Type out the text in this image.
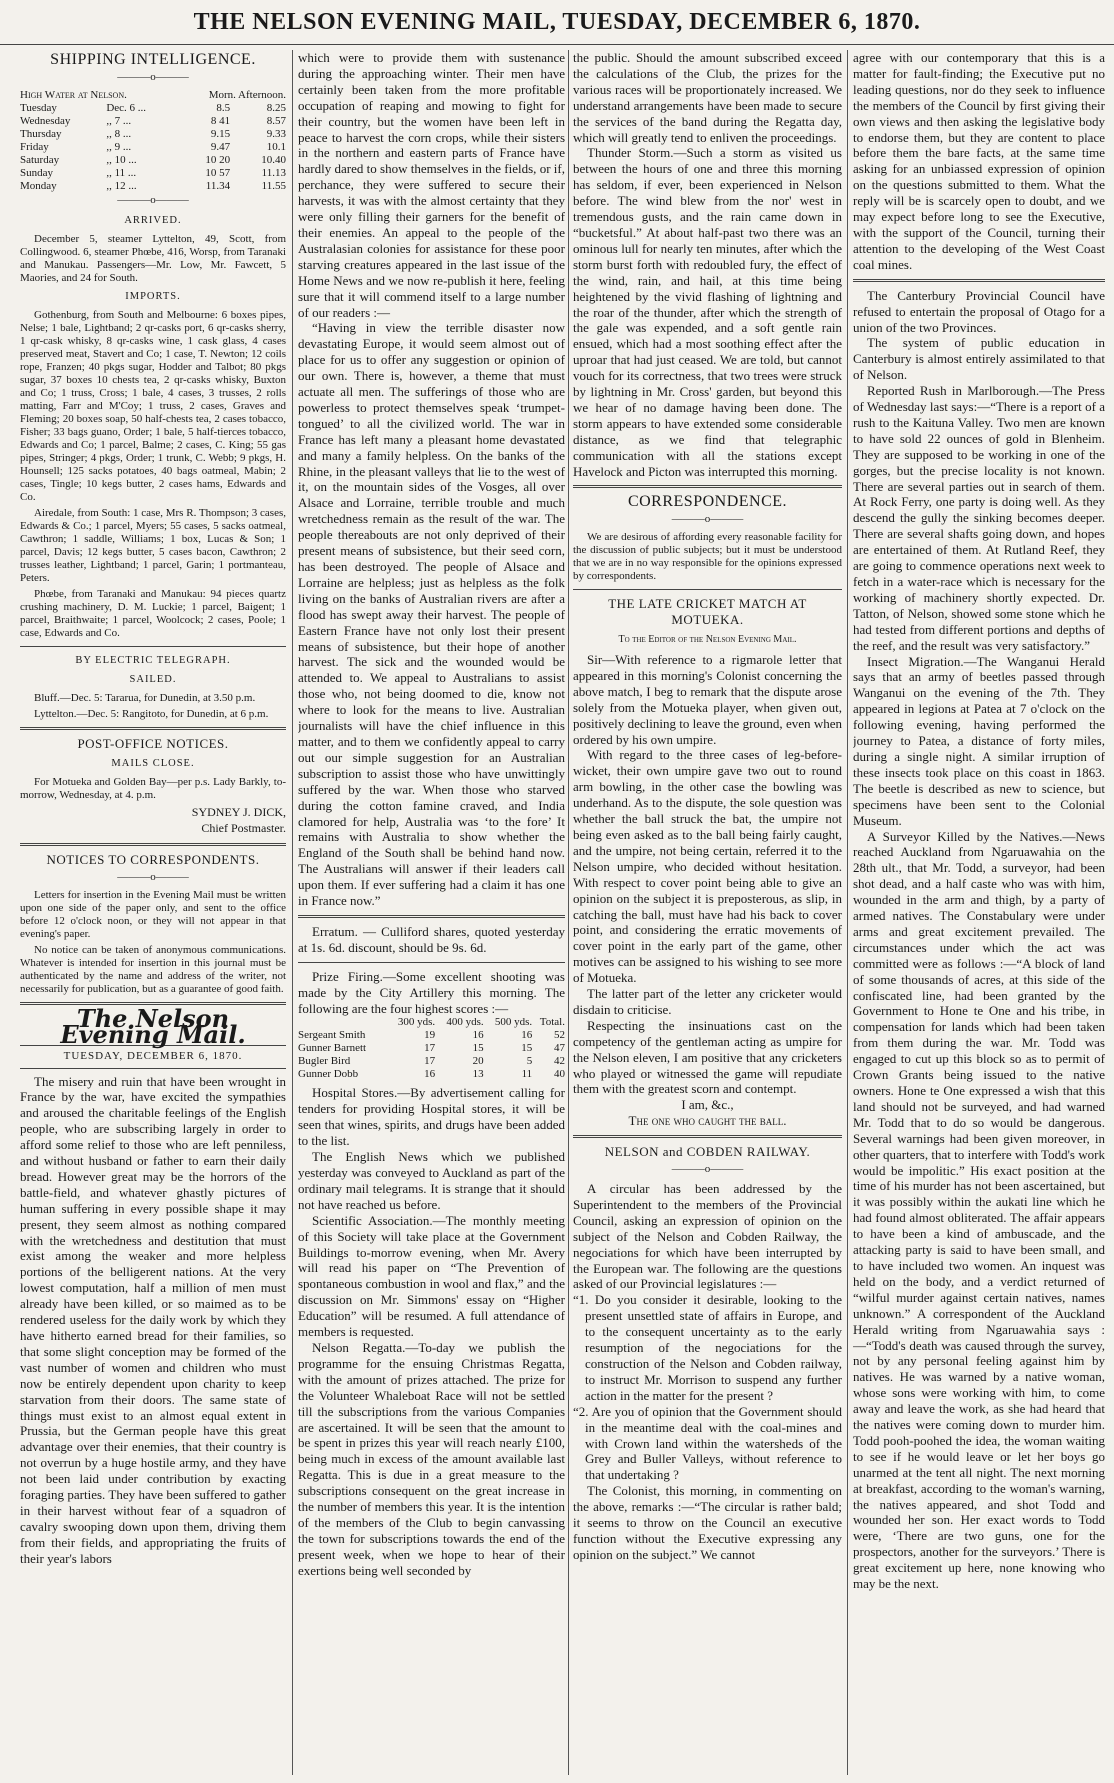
THE NELSON EVENING MAIL, TUESDAY, DECEMBER 6, 1870.
SHIPPING INTELLIGENCE.
———o———
High Water at Nelson.		Morn. Afternoon.	
Tuesday	Dec. 6 ...		8.5	8.25
Wednesday	,, 7 ...		8 41	8.57
Thursday	,, 8 ...		9.15	9.33
Friday	,, 9 ...		9.47	10.1
Saturday	,, 10 ...		10 20	10.40
Sunday	,, 11 ...		10 57	11.13
Monday	,, 12 ...		11.34	11.55
———o———
ARRIVED.

December 5, steamer Lyttelton, 49, Scott, from Collingwood. 6, steamer Phœbe, 416, Worsp, from Taranaki and Manukau. Passengers—Mr. Low, Mr. Fawcett, 5 Maories, and 24 for South.

IMPORTS.

Gothenburg, from South and Melbourne: 6 boxes pipes, Nelse; 1 bale, Lightband; 2 qr-casks port, 6 qr-casks sherry, 1 qr-cask whisky, 8 qr-casks wine, 1 cask glass, 4 cases preserved meat, Stavert and Co; 1 case, T. Newton; 12 coils rope, Franzen; 40 pkgs sugar, Hodder and Talbot; 80 pkgs sugar, 37 boxes 10 chests tea, 2 qr-casks whisky, Buxton and Co; 1 truss, Cross; 1 bale, 4 cases, 3 trusses, 2 rolls matting, Farr and M'Coy; 1 truss, 2 cases, Graves and Fleming; 20 boxes soap, 50 half-chests tea, 2 cases tobacco, Fisher; 33 bags guano, Order; 1 bale, 5 half-tierces tobacco, Edwards and Co; 1 parcel, Balme; 2 cases, C. King; 55 gas pipes, Stringer; 4 pkgs, Order; 1 trunk, C. Webb; 9 pkgs, H. Hounsell; 125 sacks potatoes, 40 bags oatmeal, Mabin; 2 cases, Tingle; 10 kegs butter, 2 cases hams, Edwards and Co.

Airedale, from South: 1 case, Mrs R. Thompson; 3 cases, Edwards & Co.; 1 parcel, Myers; 55 cases, 5 sacks oatmeal, Cawthron; 1 saddle, Williams; 1 box, Lucas & Son; 1 parcel, Davis; 12 kegs butter, 5 cases bacon, Cawthron; 2 trusses leather, Lightband; 1 parcel, Garin; 1 portmanteau, Peters.

Phœbe, from Taranaki and Manukau: 94 pieces quartz crushing machinery, D. M. Luckie; 1 parcel, Baigent; 1 parcel, Braithwaite; 1 parcel, Woolcock; 2 cases, Poole; 1 case, Edwards and Co.

BY ELECTRIC TELEGRAPH.
SAILED.

Bluff.—Dec. 5: Tararua, for Dunedin, at 3.50 p.m.

Lyttelton.—Dec. 5: Rangitoto, for Dunedin, at 6 p.m.

POST-OFFICE NOTICES.
MAILS CLOSE.

For Motueka and Golden Bay—per p.s. Lady Barkly, to-morrow, Wednesday, at 4. p.m.

SYDNEY J. DICK,
Chief Postmaster.
NOTICES TO CORRESPONDENTS.
———o———

Letters for insertion in the Evening Mail must be written upon one side of the paper only, and sent to the office before 12 o'clock noon, or they will not appear in that evening's paper.

No notice can be taken of anonymous communications. Whatever is intended for insertion in this journal must be authenticated by the name and address of the writer, not necessarily for publication, but as a guarantee of good faith.

The Nelson Evening Mail.
TUESDAY, DECEMBER 6, 1870.

The misery and ruin that have been wrought in France by the war, have excited the sympathies and aroused the charitable feelings of the English people, who are subscribing largely in order to afford some relief to those who are left penniless, and without husband or father to earn their daily bread. However great may be the horrors of the battle-field, and whatever ghastly pictures of human suffering in every possible shape it may present, they seem almost as nothing compared with the wretchedness and destitution that must exist among the weaker and more helpless portions of the belligerent nations. At the very lowest computation, half a million of men must already have been killed, or so maimed as to be rendered useless for the daily work by which they have hitherto earned bread for their families, so that some slight conception may be formed of the vast number of women and children who must now be entirely dependent upon charity to keep starvation from their doors. The same state of things must exist to an almost equal extent in Prussia, but the German people have this great advantage over their enemies, that their country is not overrun by a huge hostile army, and they have not been laid under contribution by exacting foraging parties. They have been suffered to gather in their harvest without fear of a squadron of cavalry swooping down upon them, driving them from their fields, and appropriating the fruits of their year's labors

which were to provide them with sustenance during the approaching winter. Their men have certainly been taken from the more profitable occupation of reaping and mowing to fight for their country, but the women have been left in peace to harvest the corn crops, while their sisters in the northern and eastern parts of France have hardly dared to show themselves in the fields, or if, perchance, they were suffered to secure their harvests, it was with the almost certainty that they were only filling their garners for the benefit of their enemies. An appeal to the people of the Australasian colonies for assistance for these poor starving creatures appeared in the last issue of the Home News and we now re-publish it here, feeling sure that it will commend itself to a large number of our readers :—

“Having in view the terrible disaster now devastating Europe, it would seem almost out of place for us to offer any suggestion or opinion of our own. There is, however, a theme that must actuate all men. The sufferings of those who are powerless to protect themselves speak ‘trumpet-tongued’ to all the civilized world. The war in France has left many a pleasant home devastated and many a family helpless. On the banks of the Rhine, in the pleasant valleys that lie to the west of it, on the mountain sides of the Vosges, all over Alsace and Lorraine, terrible trouble and much wretchedness remain as the result of the war. The people thereabouts are not only deprived of their present means of subsistence, but their seed corn, has been destroyed. The people of Alsace and Lorraine are helpless; just as helpless as the folk living on the banks of Australian rivers are after a flood has swept away their harvest. The people of Eastern France have not only lost their present means of subsistence, but their hope of another harvest. The sick and the wounded would be attended to. We appeal to Australians to assist those who, not being doomed to die, know not where to look for the means to live. Australian journalists will have the chief influence in this matter, and to them we confidently appeal to carry out our simple suggestion for an Australian subscription to assist those who have unwittingly suffered by the war. When those who starved during the cotton famine craved, and India clamored for help, Australia was ‘to the fore’ It remains with Australia to show whether the England of the South shall be behind hand now. The Australians will answer if their leaders call upon them. If ever suffering had a claim it has one in France now.”

Erratum. — Culliford shares, quoted yesterday at 1s. 6d. discount, should be 9s. 6d.

Prize Firing.—Some excellent shooting was made by the City Artillery this morning. The following are the four highest scores :—

	300 yds.	400 yds.	500 yds.	Total.
Sergeant Smith	19	16	16	52
Gunner Barnett	17	15	15	47
Bugler Bird	17	20	5	42
Gunner Dobb	16	13	11	40

Hospital Stores.—By advertisement calling for tenders for providing Hospital stores, it will be seen that wines, spirits, and drugs have been added to the list.

The English News which we published yesterday was conveyed to Auckland as part of the ordinary mail telegrams. It is strange that it should not have reached us before.

Scientific Association.—The monthly meeting of this Society will take place at the Government Buildings to-morrow evening, when Mr. Avery will read his paper on “The Prevention of spontaneous combustion in wool and flax,” and the discussion on Mr. Simmons' essay on “Higher Education” will be resumed. A full attendance of members is requested.

Nelson Regatta.—To-day we publish the programme for the ensuing Christmas Regatta, with the amount of prizes attached. The prize for the Volunteer Whaleboat Race will not be settled till the subscriptions from the various Companies are ascertained. It will be seen that the amount to be spent in prizes this year will reach nearly £100, being much in excess of the amount available last Regatta. This is due in a great measure to the subscriptions consequent on the great increase in the number of members this year. It is the intention of the members of the Club to begin canvassing the town for subscriptions towards the end of the present week, when we hope to hear of their exertions being well seconded by

the public. Should the amount subscribed exceed the calculations of the Club, the prizes for the various races will be proportionately increased. We understand arrangements have been made to secure the services of the band during the Regatta day, which will greatly tend to enliven the proceedings.

Thunder Storm.—Such a storm as visited us between the hours of one and three this morning has seldom, if ever, been experienced in Nelson before. The wind blew from the nor' west in tremendous gusts, and the rain came down in “bucketsful.” At about half-past two there was an ominous lull for nearly ten minutes, after which the storm burst forth with redoubled fury, the effect of the wind, rain, and hail, at this time being heightened by the vivid flashing of lightning and the roar of the thunder, after which the strength of the gale was expended, and a soft gentle rain ensued, which had a most soothing effect after the uproar that had just ceased. We are told, but cannot vouch for its correctness, that two trees were struck by lightning in Mr. Cross' garden, but beyond this we hear of no damage having been done. The storm appears to have extended some considerable distance, as we find that telegraphic communication with all the stations except Havelock and Picton was interrupted this morning.

CORRESPONDENCE.
———o———

We are desirous of affording every reasonable facility for the discussion of public subjects; but it must be understood that we are in no way responsible for the opinions expressed by correspondents.

THE LATE CRICKET MATCH AT MOTUEKA.
To the Editor of the Nelson Evening Mail.

Sir—With reference to a rigmarole letter that appeared in this morning's Colonist concerning the above match, I beg to remark that the dispute arose solely from the Motueka player, when given out, positively declining to leave the ground, even when ordered by his own umpire.

With regard to the three cases of leg-before-wicket, their own umpire gave two out to round arm bowling, in the other case the bowling was underhand. As to the dispute, the sole question was whether the ball struck the bat, the umpire not being even asked as to the ball being fairly caught, and the umpire, not being certain, referred it to the Nelson umpire, who decided without hesitation. With respect to cover point being able to give an opinion on the subject it is preposterous, as slip, in catching the ball, must have had his back to cover point, and considering the erratic movements of cover point in the early part of the game, other motives can be assigned to his wishing to see more of Motueka.

The latter part of the letter any cricketer would disdain to criticise.

Respecting the insinuations cast on the competency of the gentleman acting as umpire for the Nelson eleven, I am positive that any cricketers who played or witnessed the game will repudiate them with the greatest scorn and contempt.

I am, &c.,

The one who caught the ball.

NELSON and COBDEN RAILWAY.
———o———

A circular has been addressed by the Superintendent to the members of the Provincial Council, asking an expression of opinion on the subject of the Nelson and Cobden Railway, the negociations for which have been interrupted by the European war. The following are the questions asked of our Provincial legislatures :—

“1. Do you consider it desirable, looking to the present unsettled state of affairs in Europe, and to the consequent uncertainty as to the early resumption of the negociations for the construction of the Nelson and Cobden railway, to instruct Mr. Morrison to suspend any further action in the matter for the present ?

“2. Are you of opinion that the Government should in the meantime deal with the coal-mines and with Crown land within the watersheds of the Grey and Buller Valleys, without reference to that undertaking ?

The Colonist, this morning, in commenting on the above, remarks :—“The circular is rather bald; it seems to throw on the Council an executive function without the Executive expressing any opinion on the subject.” We cannot

agree with our contemporary that this is a matter for fault-finding; the Executive put no leading questions, nor do they seek to influence the members of the Council by first giving their own views and then asking the legislative body to endorse them, but they are content to place before them the bare facts, at the same time asking for an unbiassed expression of opinion on the questions submitted to them. What the reply will be is scarcely open to doubt, and we may expect before long to see the Executive, with the support of the Council, turning their attention to the developing of the West Coast coal mines.

The Canterbury Provincial Council have refused to entertain the proposal of Otago for a union of the two Provinces.

The system of public education in Canterbury is almost entirely assimilated to that of Nelson.

Reported Rush in Marlborough.—The Press of Wednesday last says:—“There is a report of a rush to the Kaituna Valley. Two men are known to have sold 22 ounces of gold in Blenheim. They are supposed to be working in one of the gorges, but the precise locality is not known. There are several parties out in search of them. At Rock Ferry, one party is doing well. As they descend the gully the sinking becomes deeper. There are several shafts going down, and hopes are entertained of them. At Rutland Reef, they are going to commence operations next week to fetch in a water-race which is necessary for the working of machinery shortly expected. Dr. Tatton, of Nelson, showed some stone which he had tested from different portions and depths of the reef, and the result was very satisfactory.”

Insect Migration.—The Wanganui Herald says that an army of beetles passed through Wanganui on the evening of the 7th. They appeared in legions at Patea at 7 o'clock on the following evening, having performed the journey to Patea, a distance of forty miles, during a single night. A similar irruption of these insects took place on this coast in 1863. The beetle is described as new to science, but specimens have been sent to the Colonial Museum.

A Surveyor Killed by the Natives.—News reached Auckland from Ngaruawahia on the 28th ult., that Mr. Todd, a surveyor, had been shot dead, and a half caste who was with him, wounded in the arm and thigh, by a party of armed natives. The Constabulary were under arms and great excitement prevailed. The circumstances under which the act was committed were as follows :—“A block of land of some thousands of acres, at this side of the confiscated line, had been granted by the Government to Hone te One and his tribe, in compensation for lands which had been taken from them during the war. Mr. Todd was engaged to cut up this block so as to permit of Crown Grants being issued to the native owners. Hone te One expressed a wish that this land should not be surveyed, and had warned Mr. Todd that to do so would be dangerous. Several warnings had been given moreover, in other quarters, that to interfere with Todd's work would be impolitic.” His exact position at the time of his murder has not been ascertained, but it was possibly within the aukati line which he had found almost obliterated. The affair appears to have been a kind of ambuscade, and the attacking party is said to have been small, and to have included two women. An inquest was held on the body, and a verdict returned of “wilful murder against certain natives, names unknown.” A correspondent of the Auckland Herald writing from Ngaruawahia says :—“Todd's death was caused through the survey, not by any personal feeling against him by natives. He was warned by a native woman, whose sons were working with him, to come away and leave the work, as she had heard that the natives were coming down to murder him. Todd pooh-poohed the idea, the woman waiting to see if he would leave or let her boys go unarmed at the tent all night. The next morning at breakfast, according to the woman's warning, the natives appeared, and shot Todd and wounded her son. Her exact words to Todd were, ‘There are two guns, one for the prospectors, another for the surveyors.’ There is great excitement up here, none knowing who may be the next.
